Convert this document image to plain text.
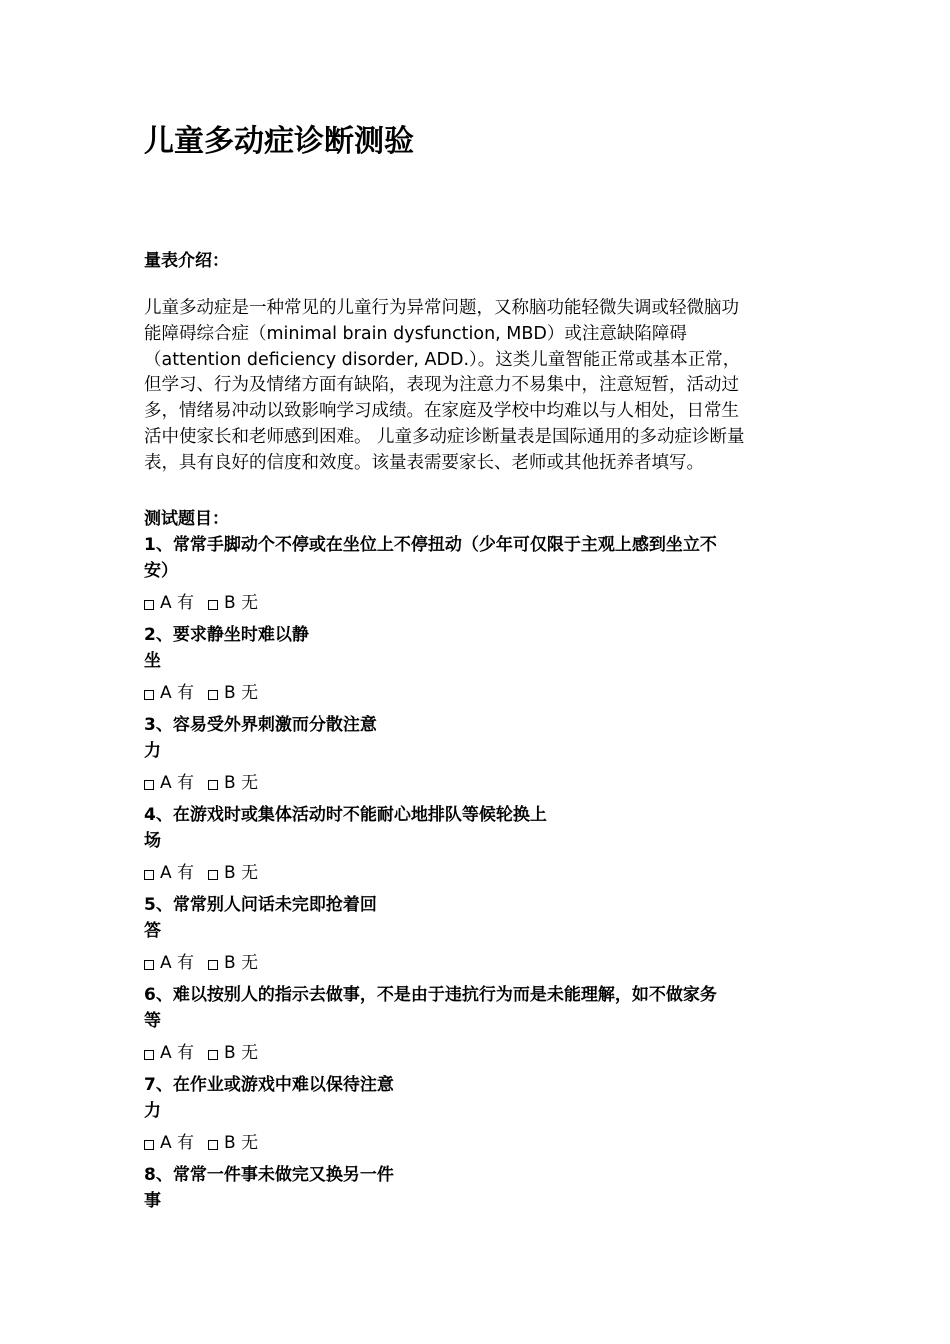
儿童多动症诊断测验
量表介绍：

儿童多动症是一种常见的儿童行为异常问题，又称脑功能轻微失调或轻微脑功
能障碍综合症（minimal brain dysfunction, MBD）或注意缺陷障碍
（attention deficiency disorder, ADD.）。这类儿童智能正常或基本正常，
但学习、行为及情绪方面有缺陷，表现为注意力不易集中，注意短暂，活动过
多，情绪易冲动以致影响学习成绩。在家庭及学校中均难以与人相处，日常生
活中使家长和老师感到困难。 儿童多动症诊断量表是国际通用的多动症诊断量
表，具有良好的信度和效度。该量表需要家长、老师或其他抚养者填写。

测试题目：
1、常常手脚动个不停或在坐位上不停扭动（少年可仅限于主观上感到坐立不
安）
A 有 B 无
2、要求静坐时难以静
坐
A 有 B 无
3、容易受外界刺激而分散注意
力
A 有 B 无
4、在游戏时或集体活动时不能耐心地排队等候轮换上
场
A 有 B 无
5、常常别人问话未完即抢着回
答
A 有 B 无
6、难以按别人的指示去做事，不是由于违抗行为而是未能理解，如不做家务
等
A 有 B 无
7、在作业或游戏中难以保待注意
力
A 有 B 无
8、常常一件事未做完又换另一件
事
